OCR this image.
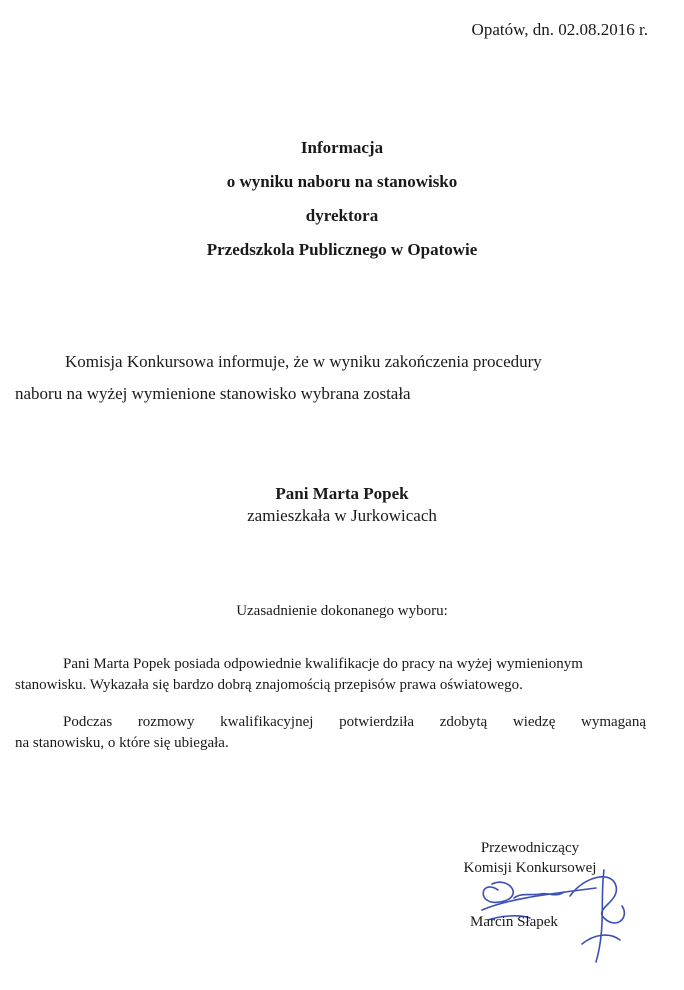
Opatów, dn. 02.08.2016 r.
Informacja
o wyniku naboru na stanowisko
dyrektora
Przedszkola Publicznego w Opatowie
Komisja Konkursowa informuje, że w wyniku zakończenia procedury
naboru na wyżej wymienione stanowisko wybrana została
Pani Marta Popek
zamieszkała w Jurkowicach
Uzasadnienie dokonanego wyboru:
Pani Marta Popek posiada odpowiednie kwalifikacje do pracy na wyżej wymienionym
stanowisku. Wykazała się bardzo dobrą znajomością przepisów prawa oświatowego.
Podczas rozmowy kwalifikacyjnej potwierdziła zdobytą wiedzę wymaganą
na stanowisku, o które się ubiegała.
Przewodniczący
Komisji Konkursowej
Marcin Słapek
